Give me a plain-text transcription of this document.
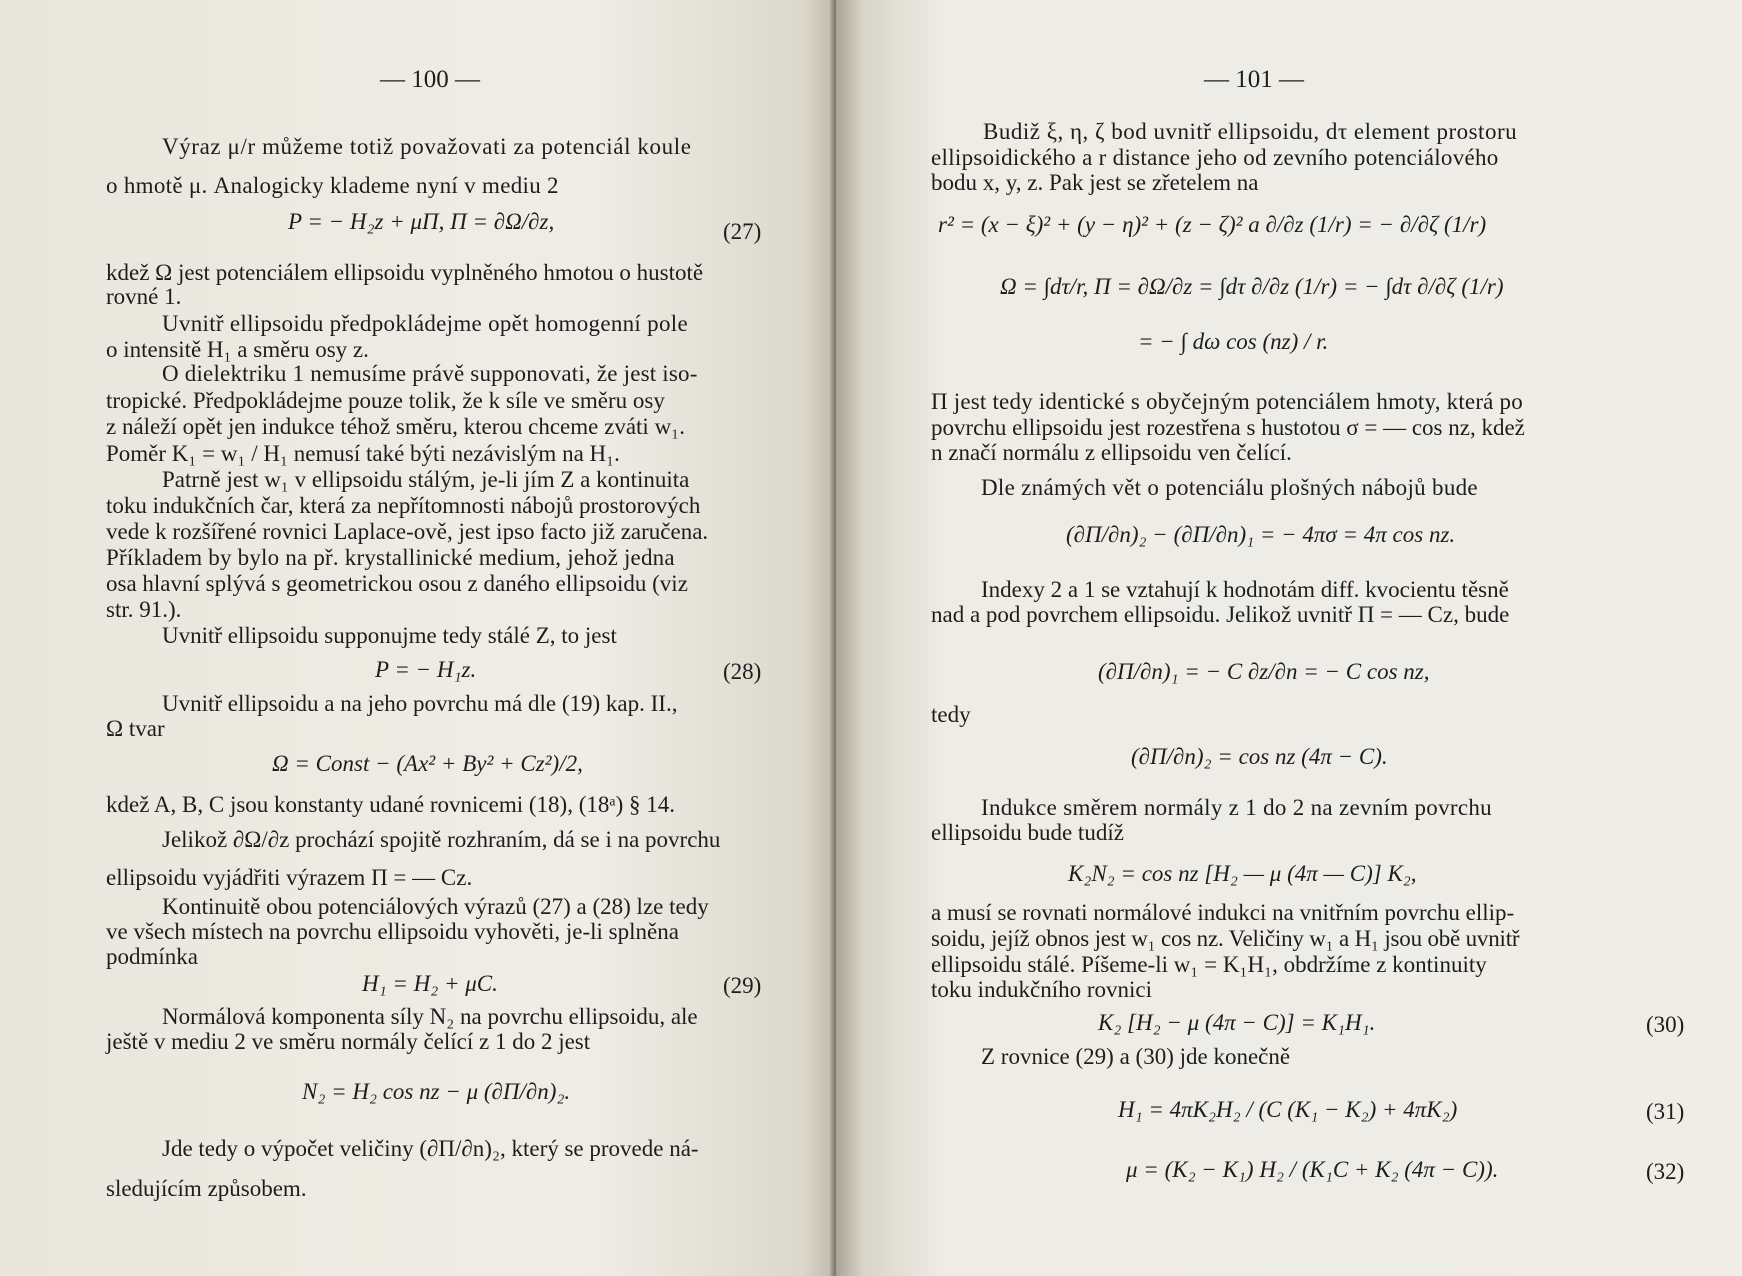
— 100 —
Výraz μ/r můžeme totiž považovati za potenciál koule
o hmotě μ. Analogicky klademe nyní v mediu 2
P = − H₂z + μΠ, Π = ∂Ω/∂z,	(27)
kdež Ω jest potenciálem ellipsoidu vyplněného hmotou o hustotě
rovné 1.
Uvnitř ellipsoidu předpokládejme opět homogenní pole
o intensitě H₁ a směru osy z.
O dielektriku 1 nemusíme právě supponovati, že jest iso-
tropické. Předpokládejme pouze tolik, že k síle ve směru osy
z náleží opět jen indukce téhož směru, kterou chceme zváti w₁.
Poměr K₁ = w₁ / H₁ nemusí také býti nezávislým na H₁.
Patrně jest w₁ v ellipsoidu stálým, je-li jím Z a kontinuita
toku indukčních čar, která za nepřítomnosti nábojů prostorových
vede k rozšířené rovnici Laplace-ově, jest ipso facto již zaručena.
Příkladem by bylo na př. krystallinické medium, jehož jedna
osa hlavní splývá s geometrickou osou z daného ellipsoidu (viz
str. 91.).
Uvnitř ellipsoidu supponujme tedy stálé Z, to jest
P = − H₁z.	(28)
Uvnitř ellipsoidu a na jeho povrchu má dle (19) kap. II.,
Ω tvar
Ω = Const − (Ax² + By² + Cz²)/2,
kdež A, B, C jsou konstanty udané rovnicemi (18), (18ᵃ) § 14.
Jelikož ∂Ω/∂z prochází spojitě rozhraním, dá se i na povrchu
ellipsoidu vyjádřiti výrazem Π = — Cz.
Kontinuitě obou potenciálových výrazů (27) a (28) lze tedy
ve všech místech na povrchu ellipsoidu vyhověti, je-li splněna
podmínka
H₁ = H₂ + μC.	(29)
Normálová komponenta síly N₂ na povrchu ellipsoidu, ale
ještě v mediu 2 ve směru normály čelící z 1 do 2 jest
N₂ = H₂ cos nz − μ (∂Π/∂n)₂.
Jde tedy o výpočet veličiny (∂Π/∂n)₂, který se provede ná-
sledujícím způsobem.
— 101 —
Budiž ξ, η, ζ bod uvnitř ellipsoidu, dτ element prostoru
ellipsoidického a r distance jeho od zevního potenciálového
bodu x, y, z. Pak jest se zřetelem na
r² = (x − ξ)² + (y − η)² + (z − ζ)² a ∂/∂z (1/r) = − ∂/∂ζ (1/r)
Ω = ∫dτ/r, Π = ∂Ω/∂z = ∫dτ ∂/∂z (1/r) = − ∫dτ ∂/∂ζ (1/r)
= − ∫ dω cos (nz) / r.
Π jest tedy identické s obyčejným potenciálem hmoty, která po
povrchu ellipsoidu jest rozestřena s hustotou σ = — cos nz, kdež
n značí normálu z ellipsoidu ven čelící.
Dle známých vět o potenciálu plošných nábojů bude
(∂Π/∂n)₂ − (∂Π/∂n)₁ = − 4πσ = 4π cos nz.
Indexy 2 a 1 se vztahují k hodnotám diff. kvocientu těsně
nad a pod povrchem ellipsoidu. Jelikož uvnitř Π = — Cz, bude
(∂Π/∂n)₁ = − C ∂z/∂n = − C cos nz,
tedy
(∂Π/∂n)₂ = cos nz (4π − C).
Indukce směrem normály z 1 do 2 na zevním povrchu
ellipsoidu bude tudíž
K₂N₂ = cos nz [H₂ — μ (4π — C)] K₂,
a musí se rovnati normálové indukci na vnitřním povrchu ellip-
soidu, jejíž obnos jest w₁ cos nz. Veličiny w₁ a H₁ jsou obě uvnitř
ellipsoidu stálé. Píšeme-li w₁ = K₁H₁, obdržíme z kontinuity
toku indukčního rovnici
K₂ [H₂ − μ (4π − C)] = K₁H₁.	(30)
Z rovnice (29) a (30) jde konečně
H₁ = 4πK₂H₂ / (C (K₁ − K₂) + 4πK₂)	(31)
μ = (K₂ − K₁) H₂ / (K₁C + K₂ (4π − C)).	(32)
